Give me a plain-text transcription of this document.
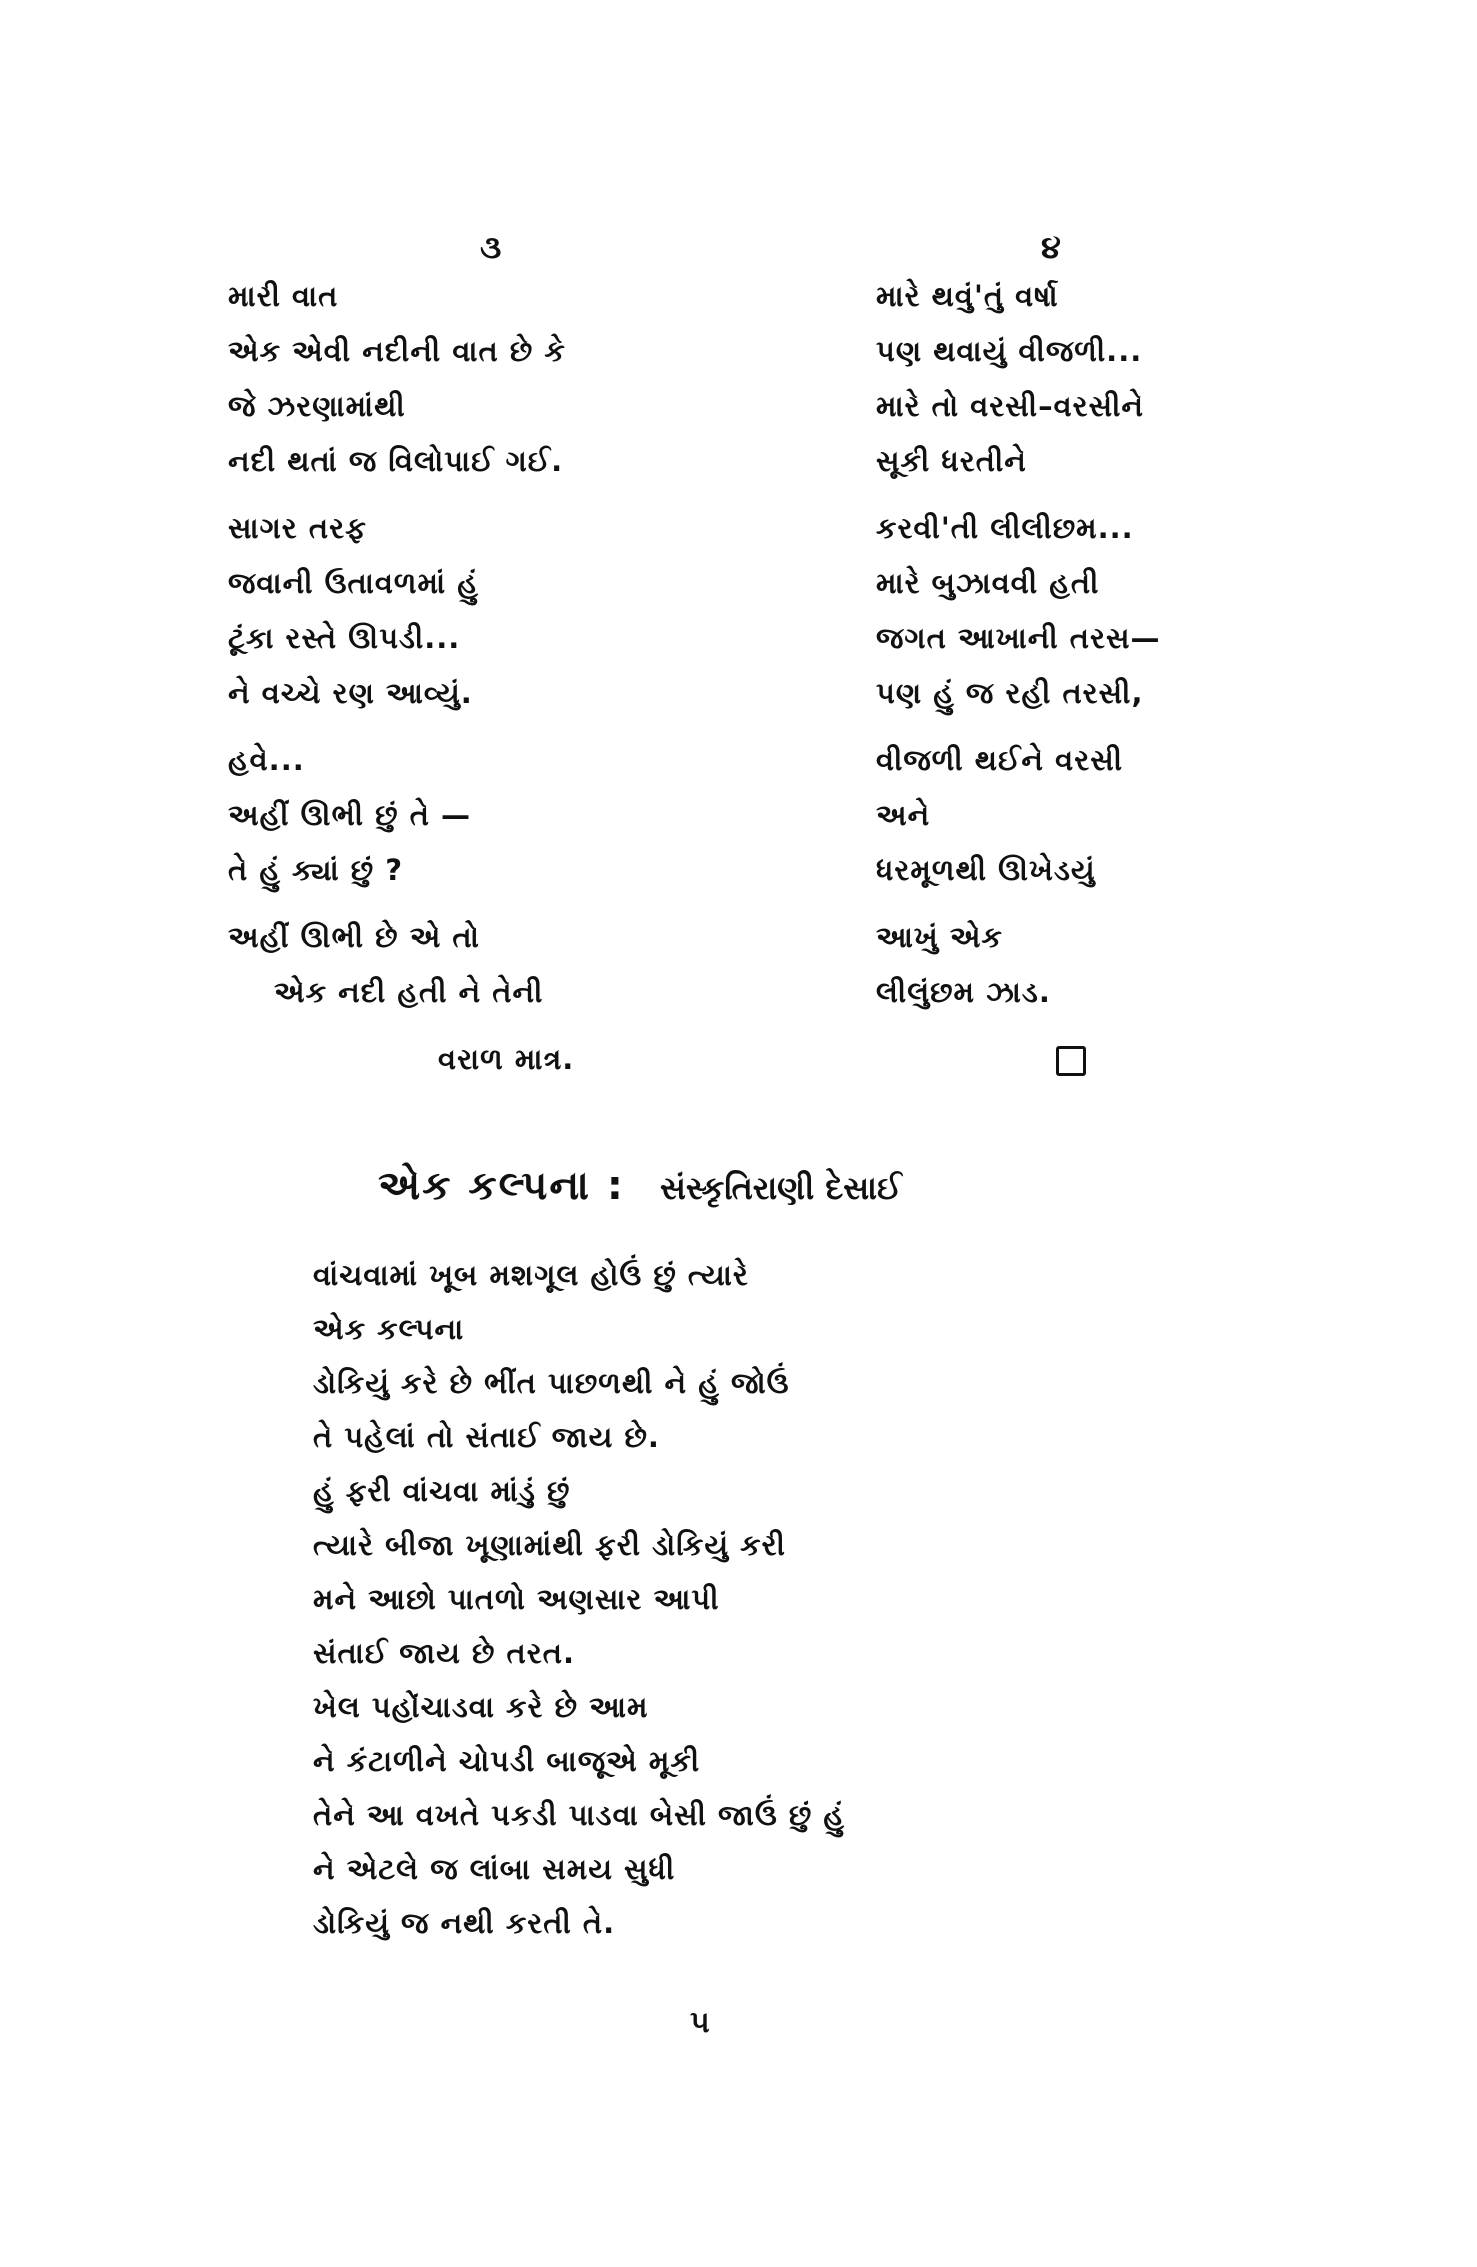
૩
મારી વાત
એક એવી નદીની વાત છે કે
જે ઝરણામાંથી
નદી થતાં જ વિલોપાઈ ગઈ.
સાગર તરફ
જવાની ઉતાવળમાં હું
ટૂંકા રસ્તે ઊપડી...
ને વચ્ચે રણ આવ્યું.
હવે...
અહીં ઊભી છું તે —
તે હું ક્યાં છું ?
અહીં ઊભી છે એ તો
એક નદી હતી ને તેની
વરાળ માત્ર.
૪
મારે થવું'તું વર્ષા
પણ થવાયું વીજળી...
મારે તો વરસી–વરસીને
સૂકી ધરતીને
કરવી'તી લીલીછમ...
મારે બુઝાવવી હતી
જગત આખાની તરસ—
પણ હું જ રહી તરસી,
વીજળી થઈને વરસી
અને
ધરમૂળથી ઊખેડયું
આખું એક
લીલુંછમ ઝાડ.
એક કલ્પના : સંસ્કૃતિરાણી દેસાઈ
વાંચવામાં ખૂબ મશગૂલ હોઉં છું ત્યારે
એક કલ્પના
ડોકિયું કરે છે ભીંત પાછળથી ને હું જોઉં
તે પહેલાં તો સંતાઈ જાય છે.
હું ફરી વાંચવા માંડું છું
ત્યારે બીજા ખૂણામાંથી ફરી ડોકિયું કરી
મને આછો પાતળો અણસાર આપી
સંતાઈ જાય છે તરત.
ખેલ પહોંચાડવા કરે છે આમ
ને કંટાળીને ચોપડી બાજૂએ મૂકી
તેને આ વખતે પકડી પાડવા બેસી જાઉં છું હું
ને એટલે જ લાંબા સમય સુધી
ડોકિયું જ નથી કરતી તે.
૫
